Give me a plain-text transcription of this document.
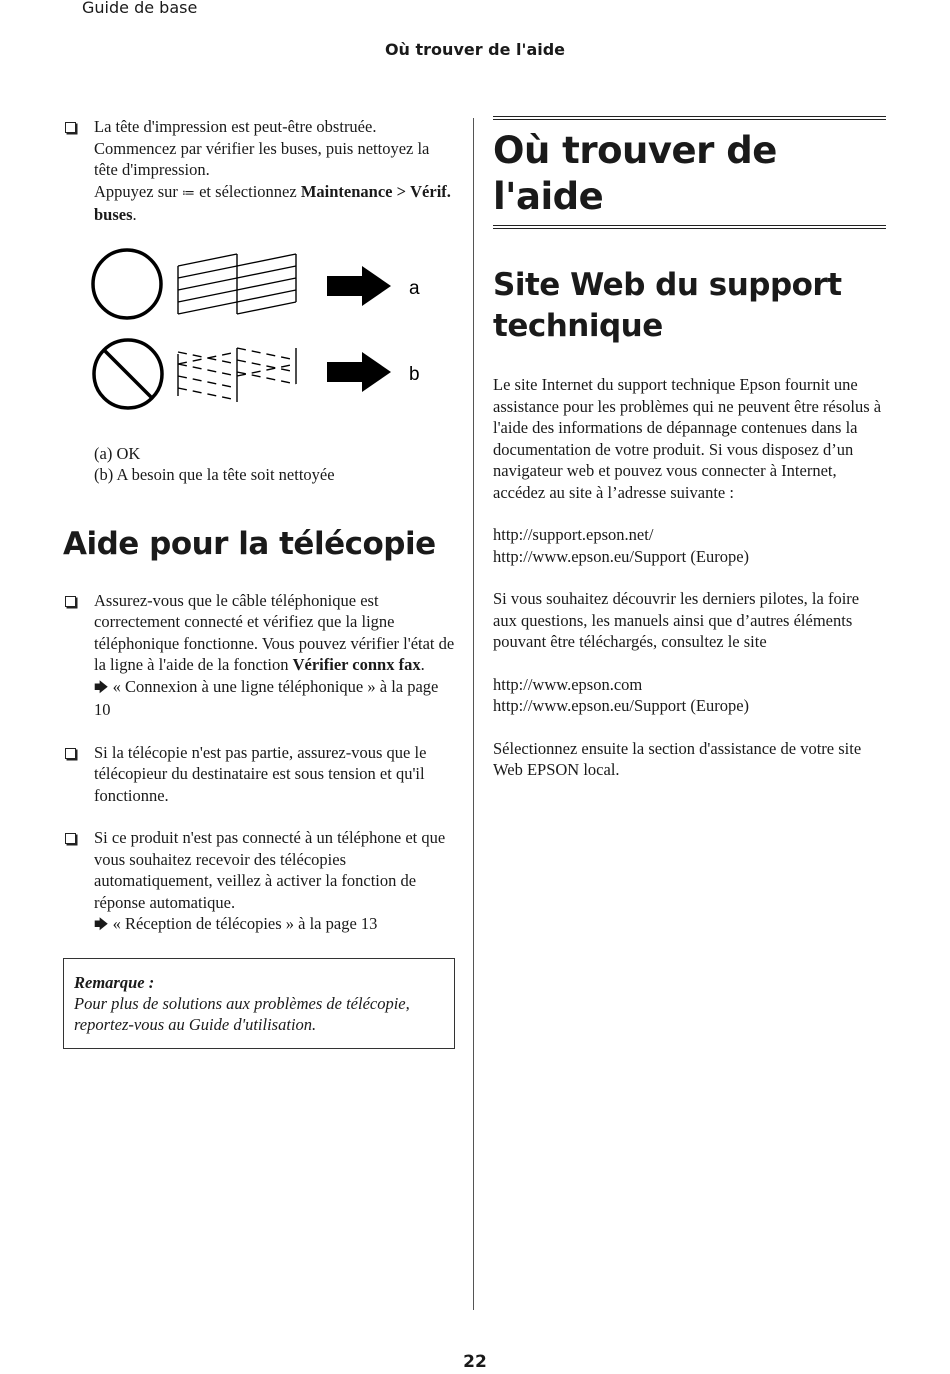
Guide de base
Où trouver de l'aide
La tête d'impression est peut-être obstruée. Commencez par vérifier les buses, puis nettoyez la tête d'impression.
Appuyez sur ≔ et sélectionnez Maintenance > Vérif. buses.
a
b
(a) OK
(b) A besoin que la tête soit nettoyée
Aide pour la télécopie
Assurez-vous que le câble téléphonique est correctement connecté et vérifiez que la ligne téléphonique fonctionne. Vous pouvez vérifier l'état de la ligne à l'aide de la fonction Vérifier connx fax.
🡆 « Connexion à une ligne téléphonique » à la page 10
Si la télécopie n'est pas partie, assurez-vous que le télécopieur du destinataire est sous tension et qu'il fonctionne.
Si ce produit n'est pas connecté à un téléphone et que vous souhaitez recevoir des télécopies automatiquement, veillez à activer la fonction de réponse automatique.
🡆 « Réception de télécopies » à la page 13
Remarque :
Pour plus de solutions aux problèmes de télécopie, reportez-vous au Guide d'utilisation.
Où trouver de l'aide
Site Web du support technique

Le site Internet du support technique Epson fournit une assistance pour les problèmes qui ne peuvent être résolus à l'aide des informations de dépannage contenues dans la documentation de votre produit. Si vous disposez d’un navigateur web et pouvez vous connecter à Internet, accédez au site à l’adresse suivante :

http://support.epson.net/
http://www.epson.eu/Support (Europe)

Si vous souhaitez découvrir les derniers pilotes, la foire aux questions, les manuels ainsi que d’autres éléments pouvant être téléchargés, consultez le site

http://www.epson.com
http://www.epson.eu/Support (Europe)

Sélectionnez ensuite la section d'assistance de votre site Web EPSON local.

22
